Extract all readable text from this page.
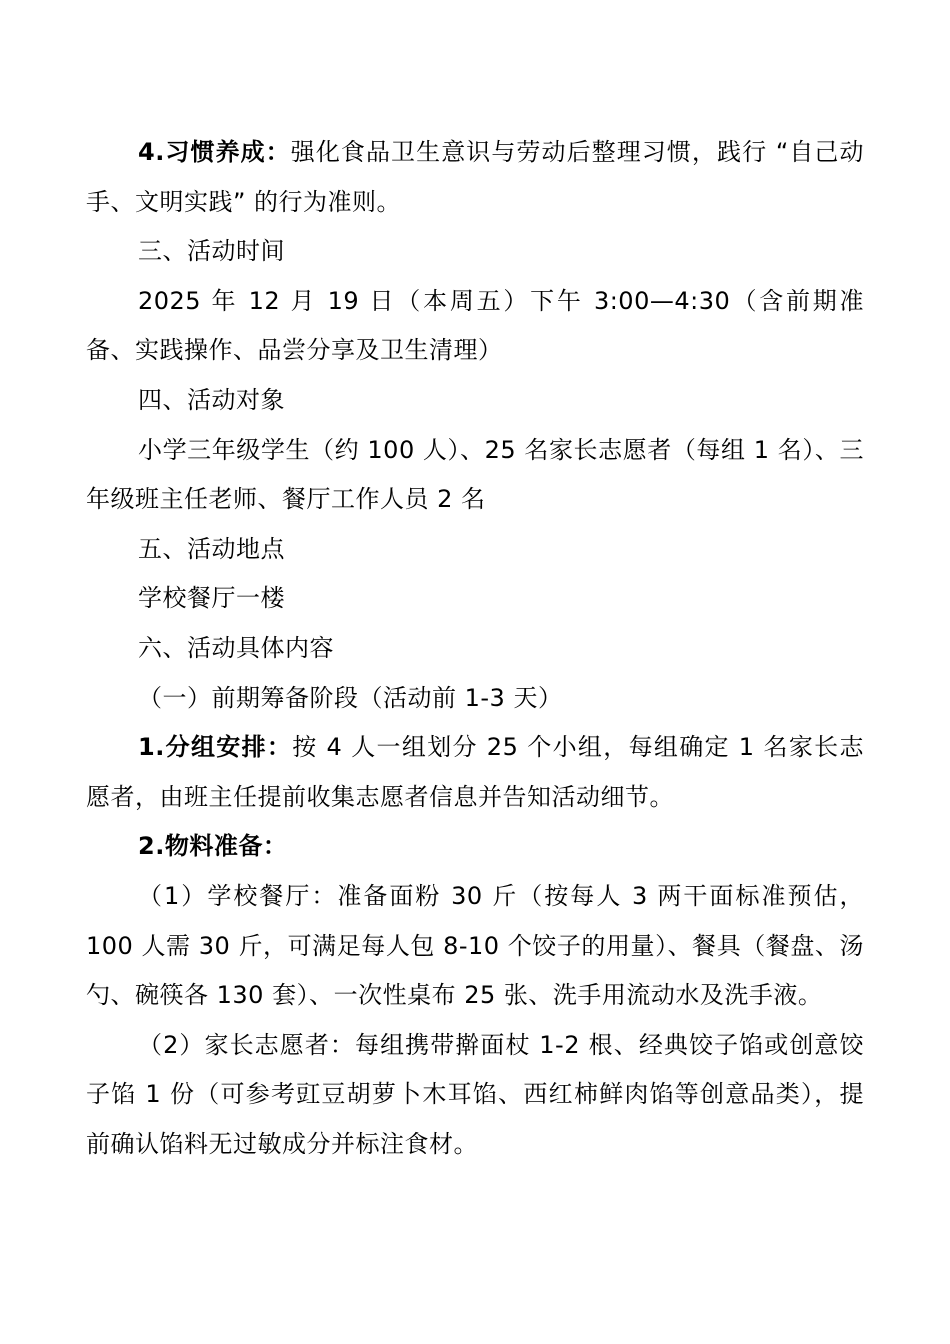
4.习惯养成：强化食品卫生意识与劳动后整理习惯，践行 “自己动手、文明实践” 的行为准则。

三、活动时间

2025 年 12 月 19 日（本周五）下午 3:00—4:30（含前期准备、实践操作、品尝分享及卫生清理）

四、活动对象

小学三年级学生（约 100 人）、25 名家长志愿者（每组 1 名）、三年级班主任老师、餐厅工作人员 2 名

五、活动地点

学校餐厅一楼

六、活动具体内容

（一）前期筹备阶段（活动前 1-3 天）

1.分组安排：按 4 人一组划分 25 个小组，每组确定 1 名家长志愿者，由班主任提前收集志愿者信息并告知活动细节。

2.物料准备：

（1）学校餐厅：准备面粉 30 斤（按每人 3 两干面标准预估，100 人需 30 斤，可满足每人包 8-10 个饺子的用量）、餐具（餐盘、汤勺、碗筷各 130 套）、一次性桌布 25 张、洗手用流动水及洗手液。

（2）家长志愿者：每组携带擀面杖 1-2 根、经典饺子馅或创意饺子馅 1 份（可参考豇豆胡萝卜木耳馅、西红柿鲜肉馅等创意品类），提前确认馅料无过敏成分并标注食材。
